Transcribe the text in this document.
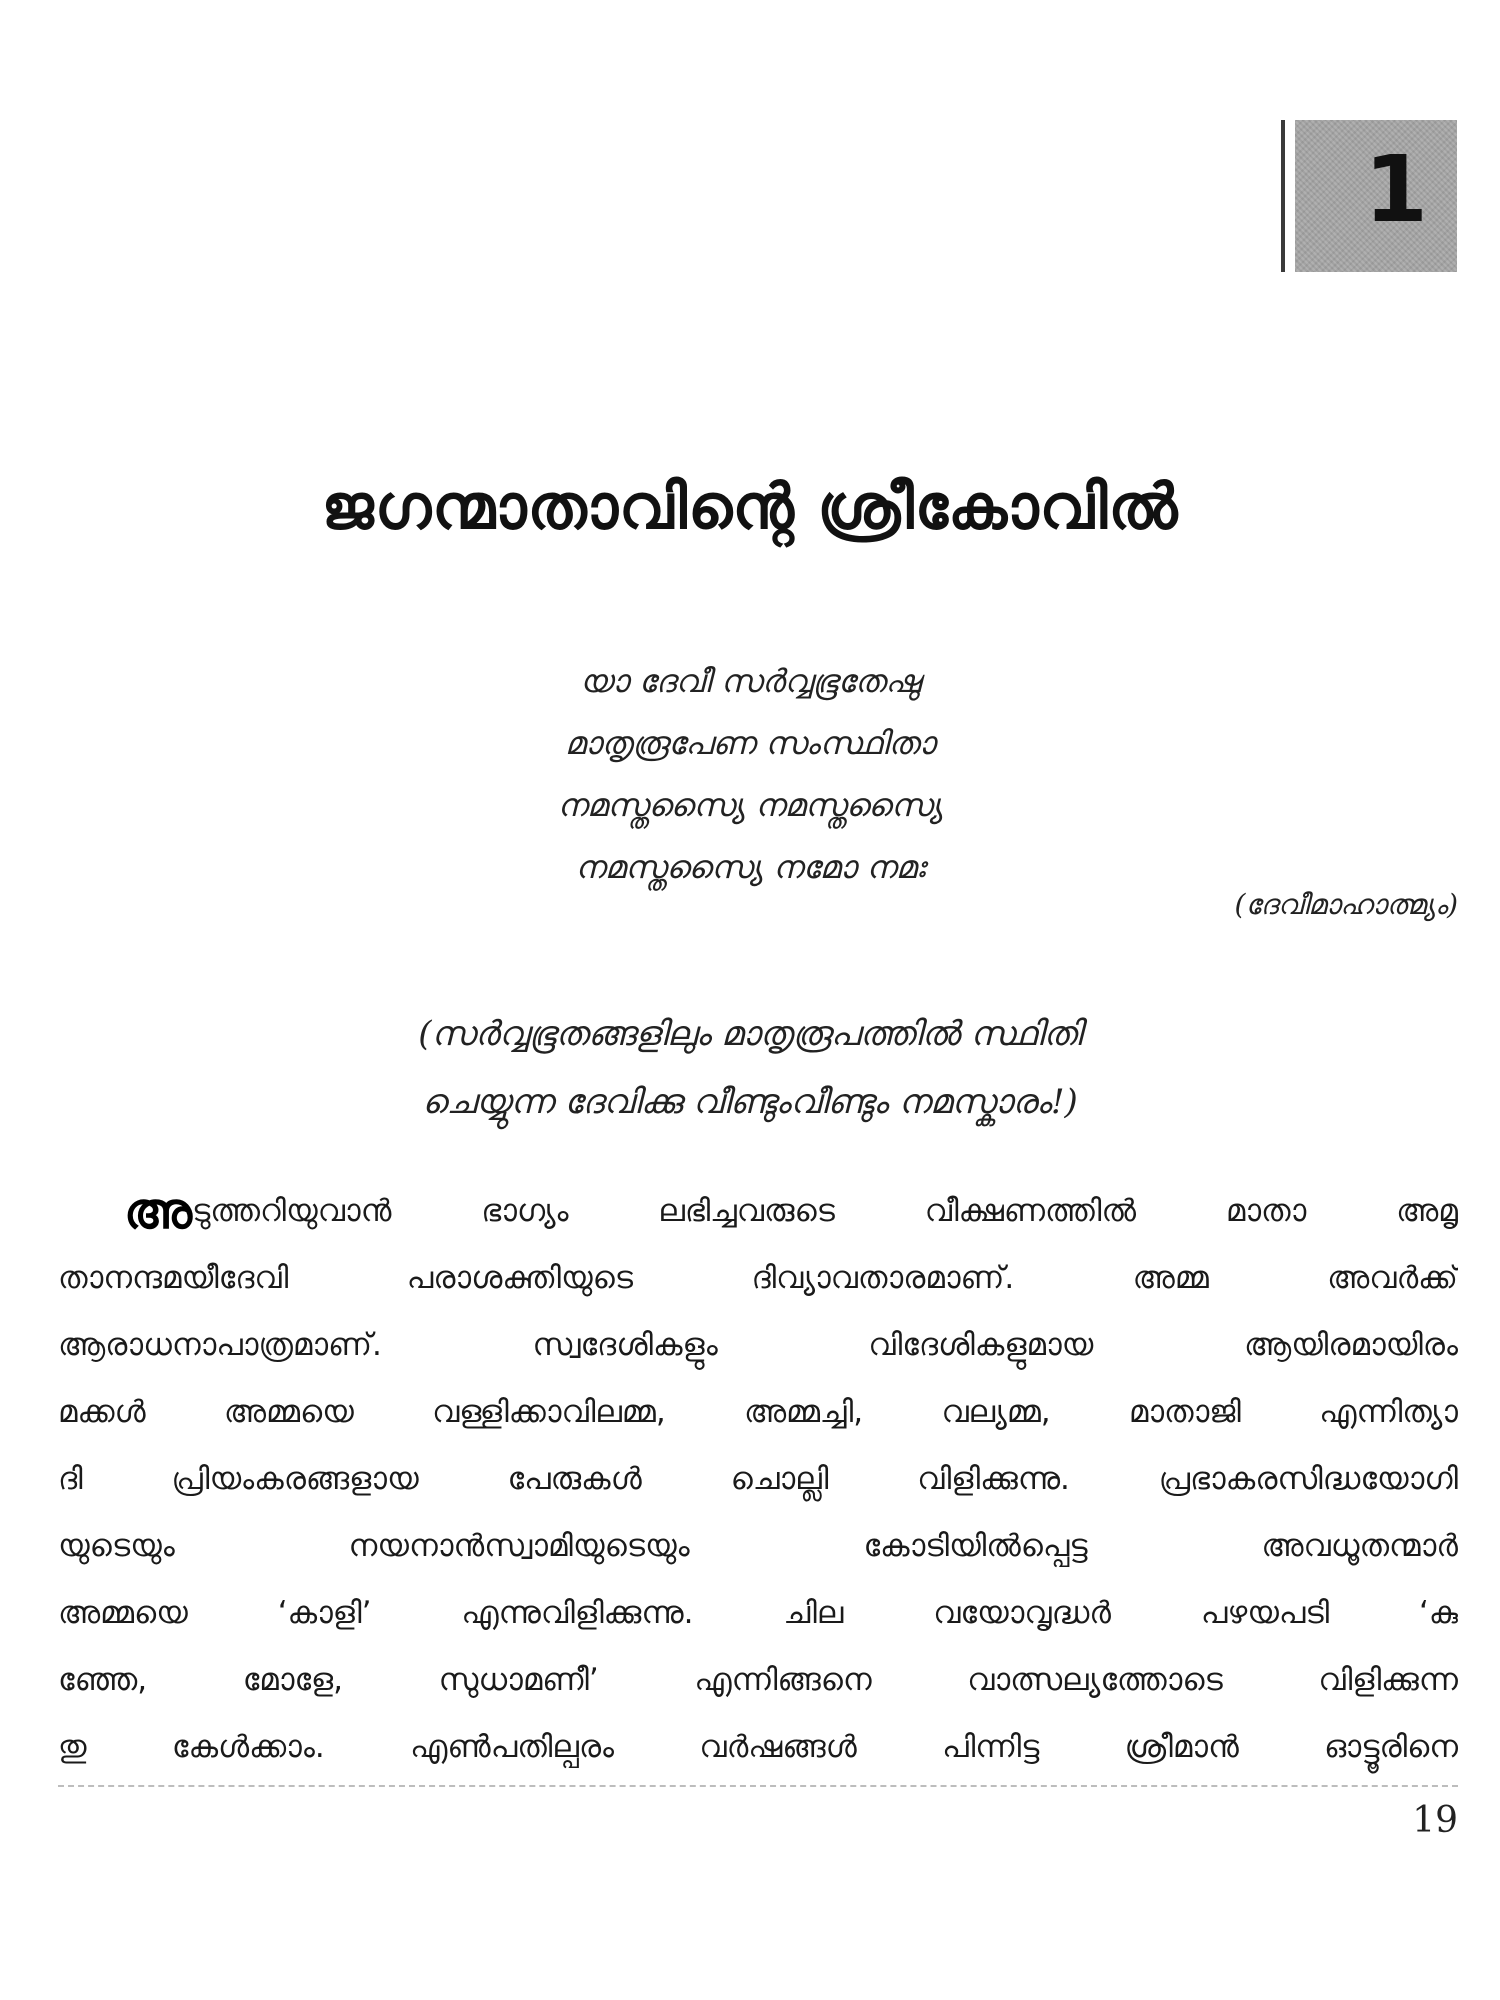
1
ജഗന്മാതാവിന്റെ ശ്രീകോവിൽ
യാ ദേവീ സർവ്വഭൂതേഷു
മാതൃരൂപേണ സംസ്ഥിതാ
നമസ്തസ്യൈ നമസ്തസ്യൈ
നമസ്തസ്യൈ നമോ നമഃ
(ദേവീമാഹാത്മ്യം)
(സർവ്വഭൂതങ്ങളിലും മാതൃരൂപത്തിൽ സ്ഥിതി
ചെയ്യുന്ന ദേവിക്കു വീണ്ടുംവീണ്ടും നമസ്കാരം!)
അ ടുത്തറിയുവാൻ	ഭാഗ്യം	ലഭിച്ചവരുടെ	വീക്ഷണത്തിൽ	മാതാ	അമൃ
താനന്ദമയീദേവി	പരാശക്തിയുടെ	ദിവ്യാവതാരമാണ്.	അമ്മ	അവർക്ക്
ആരാധനാപാത്രമാണ്.	സ്വദേശികളും	വിദേശികളുമായ	ആയിരമായിരം
മക്കൾ	അമ്മയെ	വള്ളിക്കാവിലമ്മ,	അമ്മച്ചി,	വല്യമ്മ,	മാതാജി	എന്നിത്യാ
ദി	പ്രിയംകരങ്ങളായ	പേരുകൾ	ചൊല്ലി	വിളിക്കുന്നു.	പ്രഭാകരസിദ്ധയോഗി
യുടെയും	നയനാൻസ്വാമിയുടെയും	കോടിയിൽപ്പെട്ട	അവധൂതന്മാർ
അമ്മയെ	‘കാളി’	എന്നുവിളിക്കുന്നു.	ചില	വയോവൃദ്ധർ	പഴയപടി	‘കു
ഞ്ഞേ,	മോളേ,	സുധാമണീ’	എന്നിങ്ങനെ	വാത്സല്യത്തോടെ	വിളിക്കുന്ന
തു	കേൾക്കാം.	എൺപതില്പരം	വർഷങ്ങൾ	പിന്നിട്ട	ശ്രീമാൻ	ഓട്ടൂരിനെ
19
